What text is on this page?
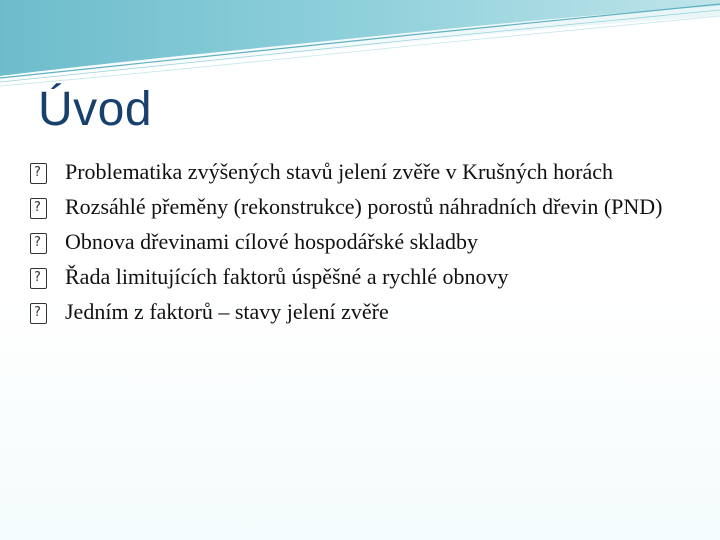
Úvod
?
Problematika zvýšených stavů jelení zvěře v Krušných horách
?
Rozsáhlé přeměny (rekonstrukce) porostů náhradních dřevin (PND)
?
Obnova dřevinami cílové hospodářské skladby
?
Řada limitujících faktorů úspěšné a rychlé obnovy
?
Jedním z faktorů – stavy jelení zvěře
